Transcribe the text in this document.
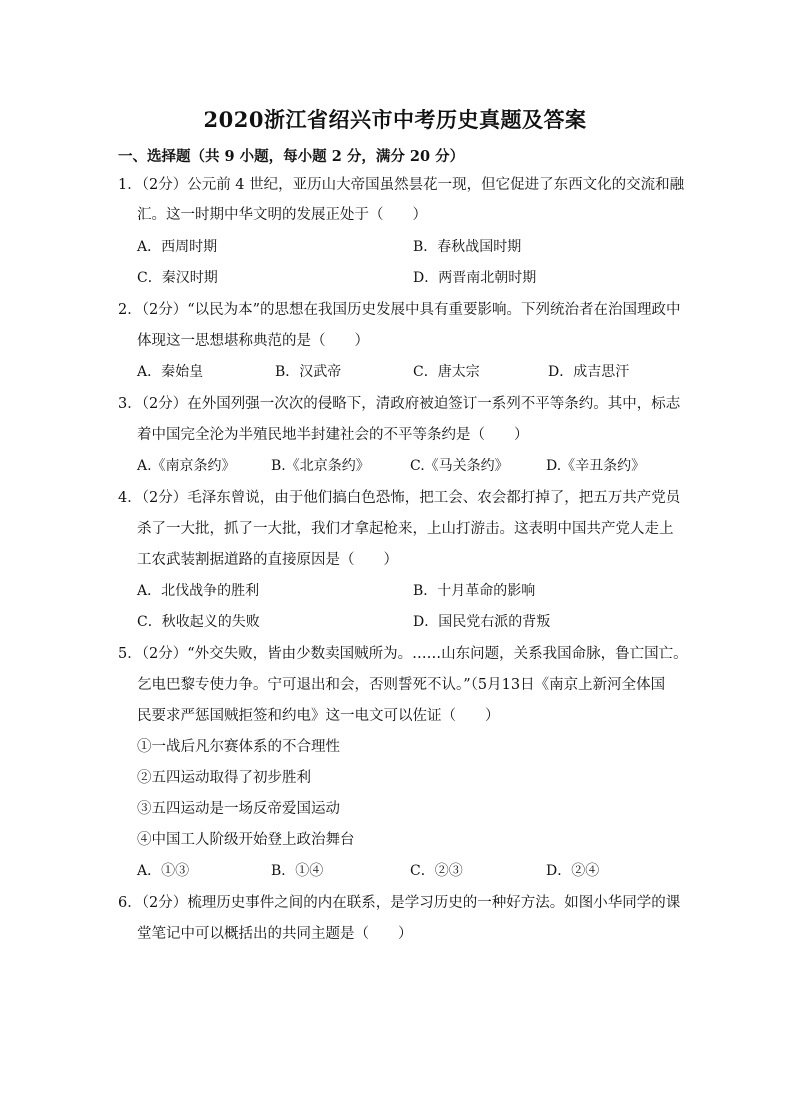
2020浙江省绍兴市中考历史真题及答案
一、选择题（共 9 小题，每小题 2 分，满分 20 分）
1．（2分）公元前 4 世纪，亚历山大帝国虽然昙花一现，但它促进了东西文化的交流和融
汇。这一时期中华文明的发展正处于（　　）
A．西周时期	B．春秋战国时期
C．秦汉时期	D．两晋南北朝时期
2．（2分）“以民为本”的思想在我国历史发展中具有重要影响。下列统治者在治国理政中
体现这一思想堪称典范的是（　　）
A．秦始皇	B．汉武帝	C．唐太宗	D．成吉思汗
3．（2分）在外国列强一次次的侵略下，清政府被迫签订一系列不平等条约。其中，标志
着中国完全沦为半殖民地半封建社会的不平等条约是（　　）
A.《南京条约》	B.《北京条约》	C.《马关条约》	D.《辛丑条约》
4．（2分）毛泽东曾说，由于他们搞白色恐怖，把工会、农会都打掉了，把五万共产党员
杀了一大批，抓了一大批，我们才拿起枪来，上山打游击。这表明中国共产党人走上
工农武装割据道路的直接原因是（　　）
A．北伐战争的胜利	B．十月革命的影响
C．秋收起义的失败	D．国民党右派的背叛
5．（2分）“外交失败，皆由少数卖国贼所为。……山东问题，关系我国命脉，鲁亡国亡。
乞电巴黎专使力争。宁可退出和会，否则誓死不认。”（5月13日《南京上新河全体国
民要求严惩国贼拒签和约电》这一电文可以佐证（　　）
①一战后凡尔赛体系的不合理性
②五四运动取得了初步胜利
③五四运动是一场反帝爱国运动
④中国工人阶级开始登上政治舞台
A．①③	B．①④	C．②③	D．②④
6．（2分）梳理历史事件之间的内在联系，是学习历史的一种好方法。如图小华同学的课
堂笔记中可以概括出的共同主题是（　　）
